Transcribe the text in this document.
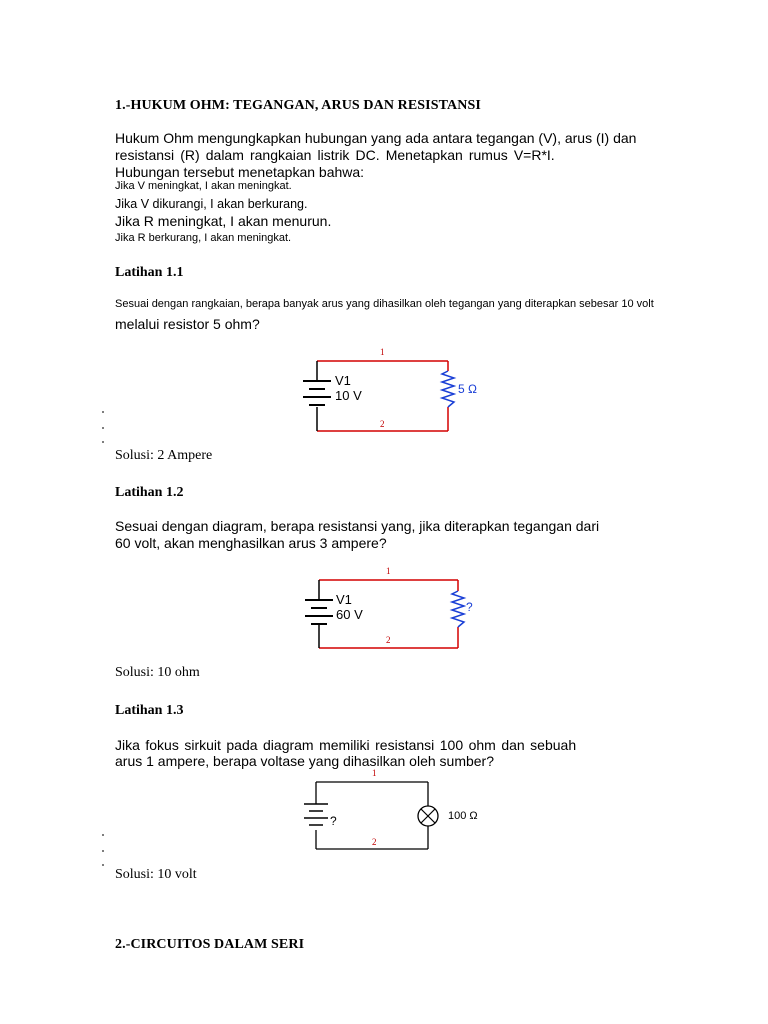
1.-HUKUM OHM: TEGANGAN, ARUS DAN RESISTANSI
Hukum Ohm mengungkapkan hubungan yang ada antara tegangan (V), arus (I) dan
resistansi (R) dalam rangkaian listrik DC. Menetapkan rumus V=R*I.
Hubungan tersebut menetapkan bahwa:
Jika V meningkat, I akan meningkat.
Jika V dikurangi, I akan berkurang.
Jika R meningkat, I akan menurun.
Jika R berkurang, I akan meningkat.
Latihan 1.1
Sesuai dengan rangkaian, berapa banyak arus yang dihasilkan oleh tegangan yang diterapkan sebesar 10 volt
melalui resistor 5 ohm?
V1
10 V	5 Ω
1
2
Solusi: 2 Ampere
Latihan 1.2
Sesuai dengan diagram, berapa resistansi yang, jika diterapkan tegangan dari
60 volt, akan menghasilkan arus 3 ampere?
V1
60 V	?
1
2
Solusi: 10 ohm
Latihan 1.3
Jika fokus sirkuit pada diagram memiliki resistansi 100 ohm dan sebuah
arus 1 ampere, berapa voltase yang dihasilkan oleh sumber?
?	100 Ω
1
2
Solusi: 10 volt
2.-CIRCUITOS DALAM SERI
